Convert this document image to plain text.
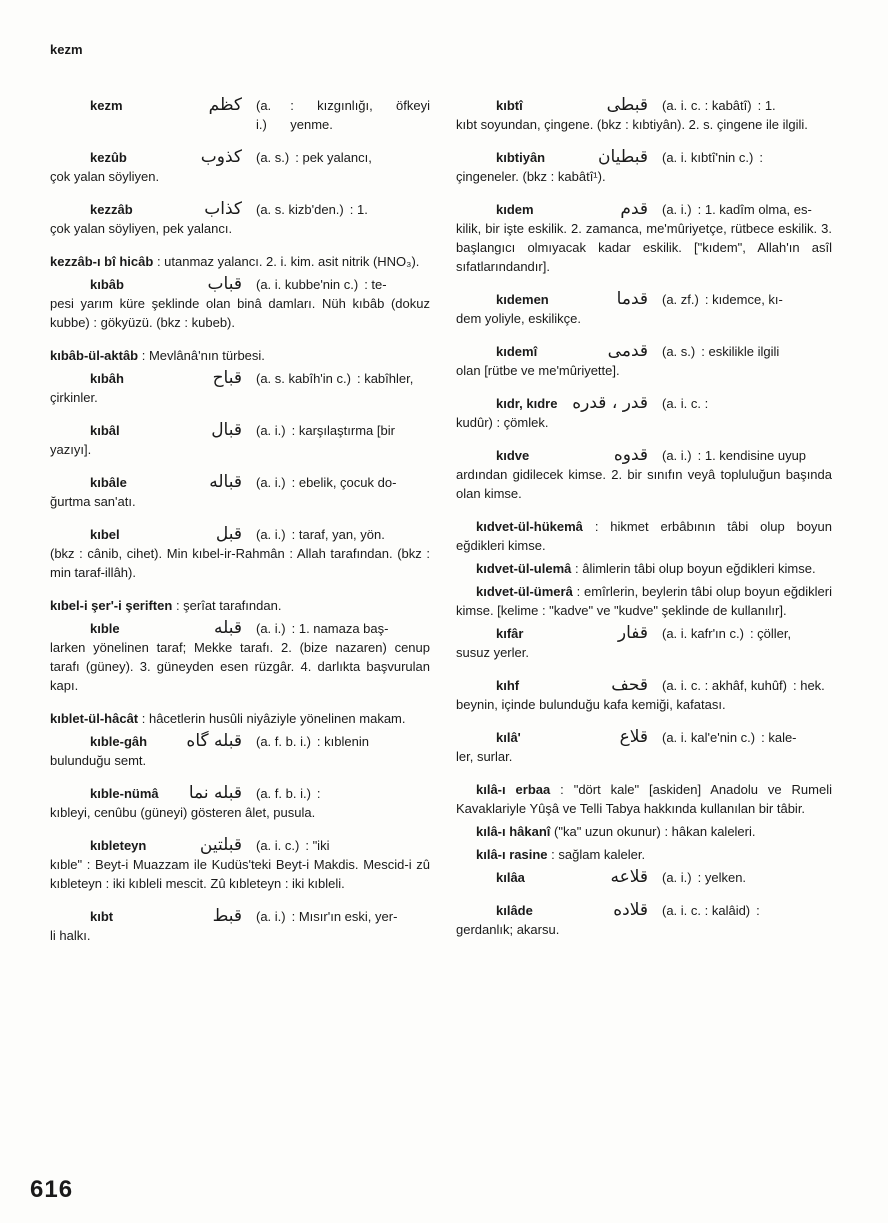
kezm
kezm	كظم (a. i.)
: kızgınlığı, öfkeyi yenme.
kezûb	كذوب (a. s.) : pek yalancı,
çok yalan söyliyen.
kezzâb	كذاب (a. s. kizb'den.) : 1.
çok yalan söyliyen, pek yalancı.
kezzâb-ı bî hicâb : utanmaz yalancı. 2. i. kim. asit nitrik (HNO₃).
kıbâb	قباب (a. i. kubbe'nin c.) : te-
pesi yarım küre şeklinde olan binâ damları. Nüh kıbâb (dokuz kubbe) : gökyüzü. (bkz : kubeb).
kıbâb-ül-aktâb : Mevlânâ'nın türbesi.
kıbâh	قباح (a. s. kabîh'in c.) : kabîhler,
çirkinler.
kıbâl	قبال (a. i.) : karşılaştırma [bir
yazıyı].
kıbâle	قباله (a. i.) : ebelik, çocuk do-
ğurtma san'atı.
kıbel	قبل (a. i.) : taraf, yan, yön.
(bkz : cânib, cihet). Min kıbel-ir-Rahmân : Allah tarafından. (bkz : min taraf-illâh).
kıbel-i şer'-i şeriften : şerîat tarafından.
kıble	قبله (a. i.) : 1. namaza baş-
larken yönelinen taraf; Mekke tarafı. 2. (bize nazaren) cenup tarafı (güney). 3. güneyden esen rüzgâr. 4. darlıkta başvurulan kapı.
kıblet-ül-hâcât : hâcetlerin husûli niyâziyle yönelinen makam.
kıble-gâh	قبله گاه (a. f. b. i.) : kıblenin
bulunduğu semt.
kıble-nümâ	قبله نما (a. f. b. i.) :
kıbleyi, cenûbu (güneyi) gösteren âlet, pusula.
kıbleteyn	قبلتين (a. i. c.) : "iki
kıble" : Beyt-i Muazzam ile Kudüs'teki Beyt-i Makdis. Mescid-i zû kıbleteyn : iki kıbleli mescit. Zû kıbleteyn : iki kıbleli.
kıbt	قبط (a. i.) : Mısır'ın eski, yer-
li halkı.
kıbtî	قبطى (a. i. c. : kabâtî) : 1.
kıbt soyundan, çingene. (bkz : kıbtiyân). 2. s. çingene ile ilgili.
kıbtiyân	قبطيان (a. i. kıbtî'nin c.) :
çingeneler. (bkz : kabâtî¹).
kıdem	قدم (a. i.) : 1. kadîm olma, es-
kilik, bir işte eskilik. 2. zamanca, me'mûriyetçe, rütbece eskilik. 3. başlangıcı olmıyacak kadar eskilik. ["kıdem", Allah'ın asîl sıfatlarındandır].
kıdemen	قدما (a. zf.) : kıdemce, kı-
dem yoliyle, eskilikçe.
kıdemî	قدمى (a. s.) : eskilikle ilgili
olan [rütbe ve me'mûriyette].
kıdr, kıdre قدر ، قدره (a. i. c. :
kudûr) : çömlek.
kıdve	قدوه (a. i.) : 1. kendisine uyup
ardından gidilecek kimse. 2. bir sınıfın veyâ topluluğun başında olan kimse.
kıdvet-ül-hükemâ : hikmet erbâbının tâbi olup boyun eğdikleri kimse.
kıdvet-ül-ulemâ : âlimlerin tâbi olup boyun eğdikleri kimse.
kıdvet-ül-ümerâ : emîrlerin, beylerin tâbi olup boyun eğdikleri kimse. [kelime : "kadve" ve "kudve" şeklinde de kullanılır].
kıfâr	قفار (a. i. kafr'ın c.) : çöller,
susuz yerler.
kıhf	قحف (a. i. c. : akhâf, kuhûf) : hek.
beynin, içinde bulunduğu kafa kemiği, kafatası.
kılâ'	قلاع (a. i. kal'e'nin c.) : kale-
ler, surlar.
kılâ-ı erbaa : "dört kale" [askiden] Anadolu ve Rumeli Kavaklariyle Yûşâ ve Telli Tabya hakkında kullanılan bir tâbir.
kılâ-ı hâkanî ("ka" uzun okunur) : hâkan kaleleri.
kılâ-ı rasine : sağlam kaleler.
kılâa	قلاعه (a. i.) : yelken.
kılâde	قلاده (a. i. c. : kalâid) :
gerdanlık; akarsu.
616
